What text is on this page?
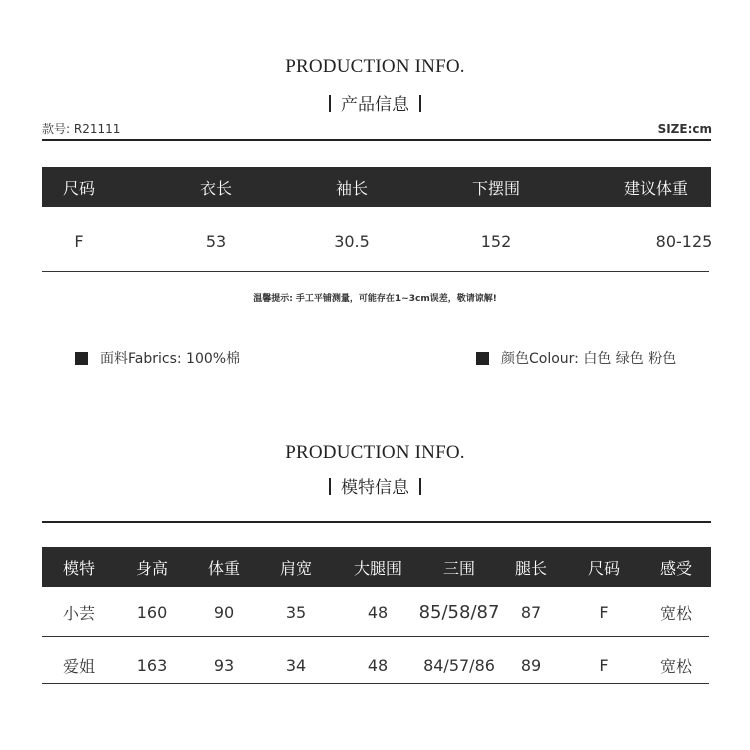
PRODUCTION INFO.
产品信息
款号: R21111	SIZE:cm
尺码	衣长	袖长	下摆围	建议体重
F	53	30.5	152	80-125
温馨提示: 手工平铺测量，可能存在1~3cm误差，敬请谅解!
面料Fabrics: 100%棉	颜色Colour: 白色 绿色 粉色
PRODUCTION INFO.
模特信息
模特	身高	体重	肩宽	大腿围	三围	腿长	尺码	感受
小芸	160	90	35	48	85/58/87	87	F	宽松
爱姐	163	93	34	48	84/57/86	89	F	宽松
